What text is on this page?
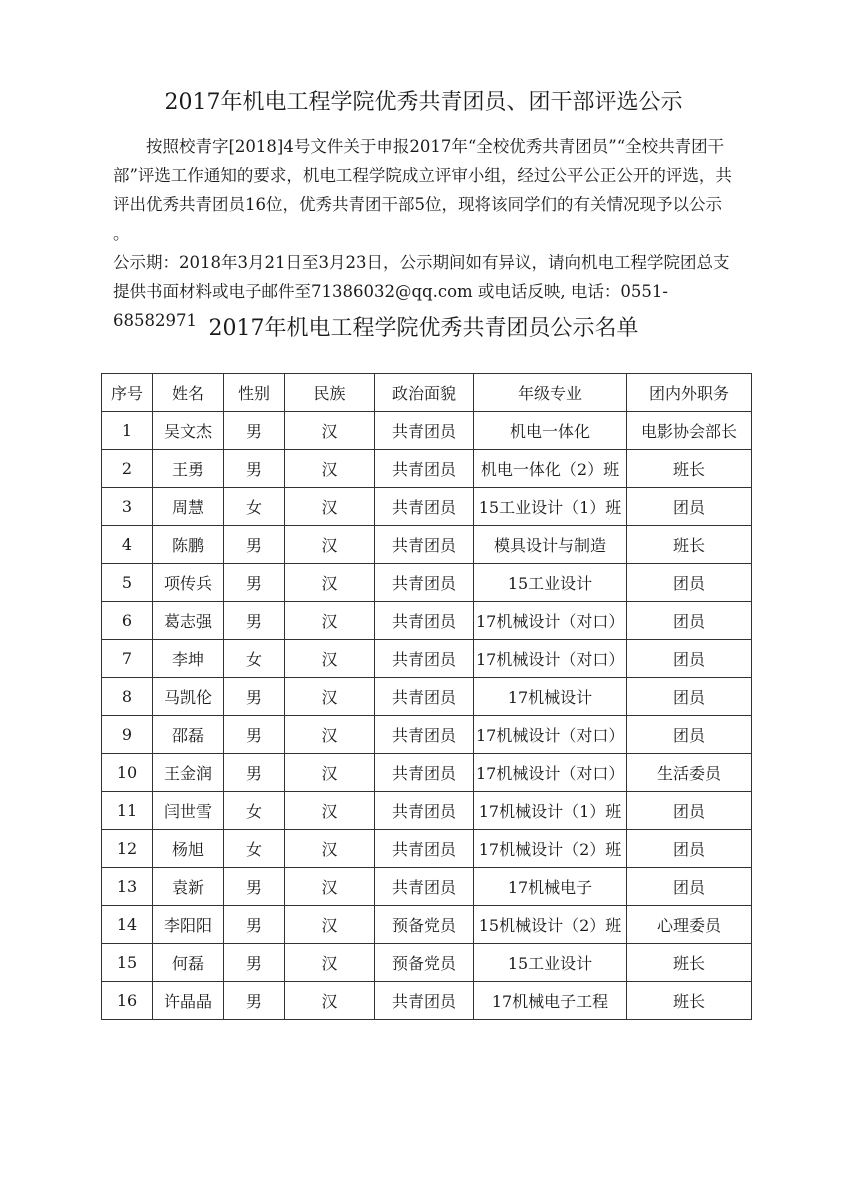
2017年机电工程学院优秀共青团员、团干部评选公示

按照校青字[2018]4号文件关于申报2017年“全校优秀共青团员”“全校共青团干部”评选工作通知的要求，机电工程学院成立评审小组，经过公平公正公开的评选，共评出优秀共青团员16位，优秀共青团干部5位，现将该同学们的有关情况现予以公示 。

公示期：2018年3月21日至3月23日，公示期间如有异议，请向机电工程学院团总支提供书面材料或电子邮件至71386032@qq.com 或电话反映, 电话：0551-68582971 2017年机电工程学院优秀共青团员公示名单
序号	姓名	性别	民族	政治面貌	年级专业	团内外职务
1	吴文杰	男	汉	共青团员	机电一体化	电影协会部长
2	王勇	男	汉	共青团员	机电一体化（2）班	班长
3	周慧	女	汉	共青团员	15工业设计（1）班	团员
4	陈鹏	男	汉	共青团员	模具设计与制造	班长
5	项传兵	男	汉	共青团员	15工业设计	团员
6	葛志强	男	汉	共青团员	17机械设计（对口）	团员
7	李坤	女	汉	共青团员	17机械设计（对口）	团员
8	马凯伦	男	汉	共青团员	17机械设计	团员
9	邵磊	男	汉	共青团员	17机械设计（对口）	团员
10	王金润	男	汉	共青团员	17机械设计（对口）	生活委员
11	闫世雪	女	汉	共青团员	17机械设计（1）班	团员
12	杨旭	女	汉	共青团员	17机械设计（2）班	团员
13	袁新	男	汉	共青团员	17机械电子	团员
14	李阳阳	男	汉	预备党员	15机械设计（2）班	心理委员
15	何磊	男	汉	预备党员	15工业设计	班长
16	许晶晶	男	汉	共青团员	17机械电子工程	班长
